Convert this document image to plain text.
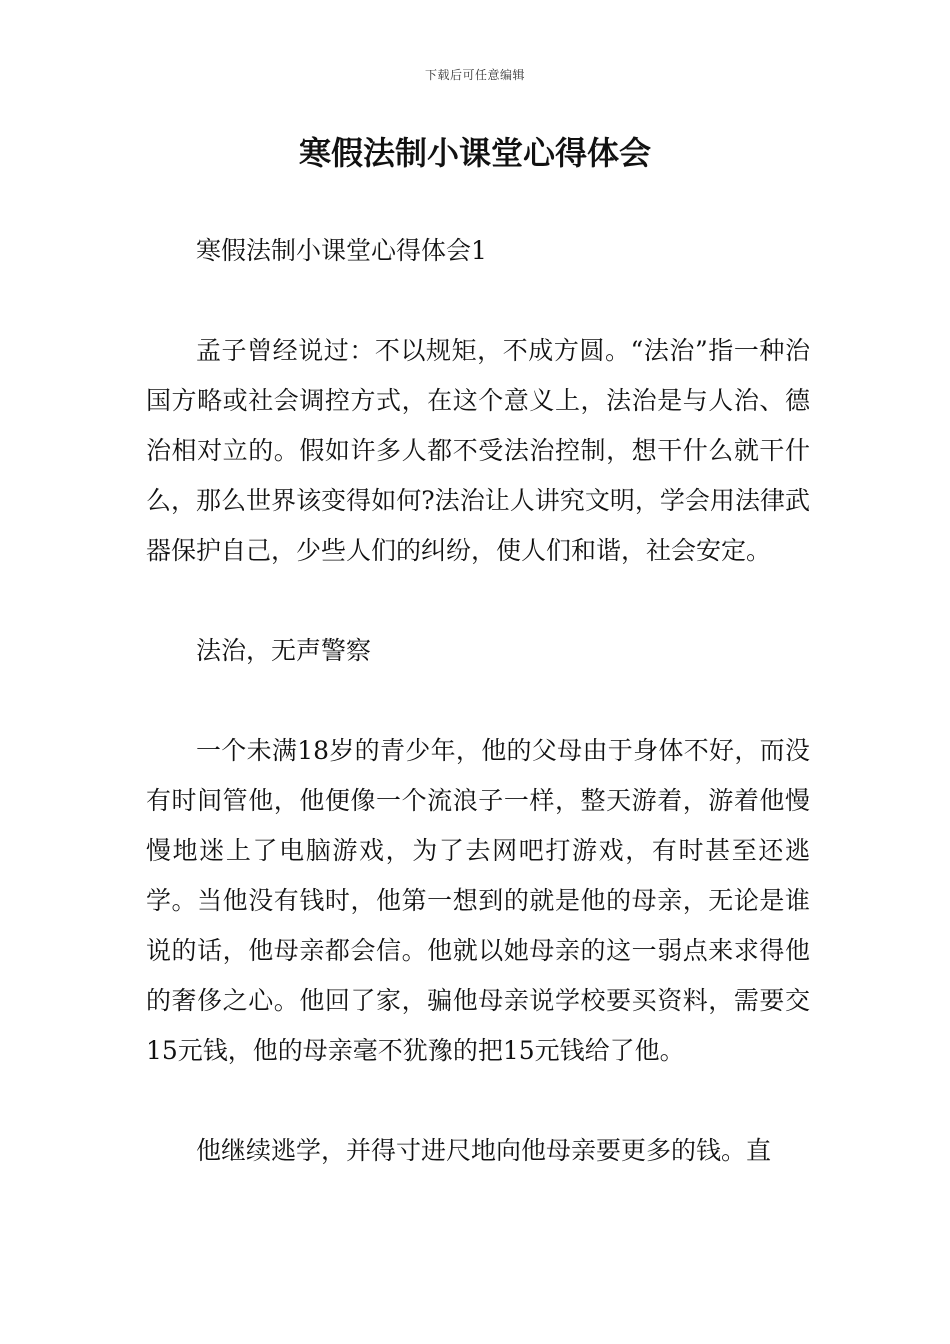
下载后可任意编辑
寒假法制小课堂心得体会

寒假法制小课堂心得体会1

孟子曾经说过：不以规矩，不成方圆。“法治”指一种治国方略或社会调控方式，在这个意义上，法治是与人治、德治相对立的。假如许多人都不受法治控制，想干什么就干什么，那么世界该变得如何?法治让人讲究文明，学会用法律武器保护自己，少些人们的纠纷，使人们和谐，社会安定。

法治，无声警察

一个未满18岁的青少年，他的父母由于身体不好，而没有时间管他，他便像一个流浪子一样，整天游着，游着他慢慢地迷上了电脑游戏，为了去网吧打游戏，有时甚至还逃学。当他没有钱时，他第一想到的就是他的母亲，无论是谁说的话，他母亲都会信。他就以她母亲的这一弱点来求得他的奢侈之心。他回了家，骗他母亲说学校要买资料，需要交15元钱，他的母亲毫不犹豫的把15元钱给了他。

他继续逃学，并得寸进尺地向他母亲要更多的钱。直
